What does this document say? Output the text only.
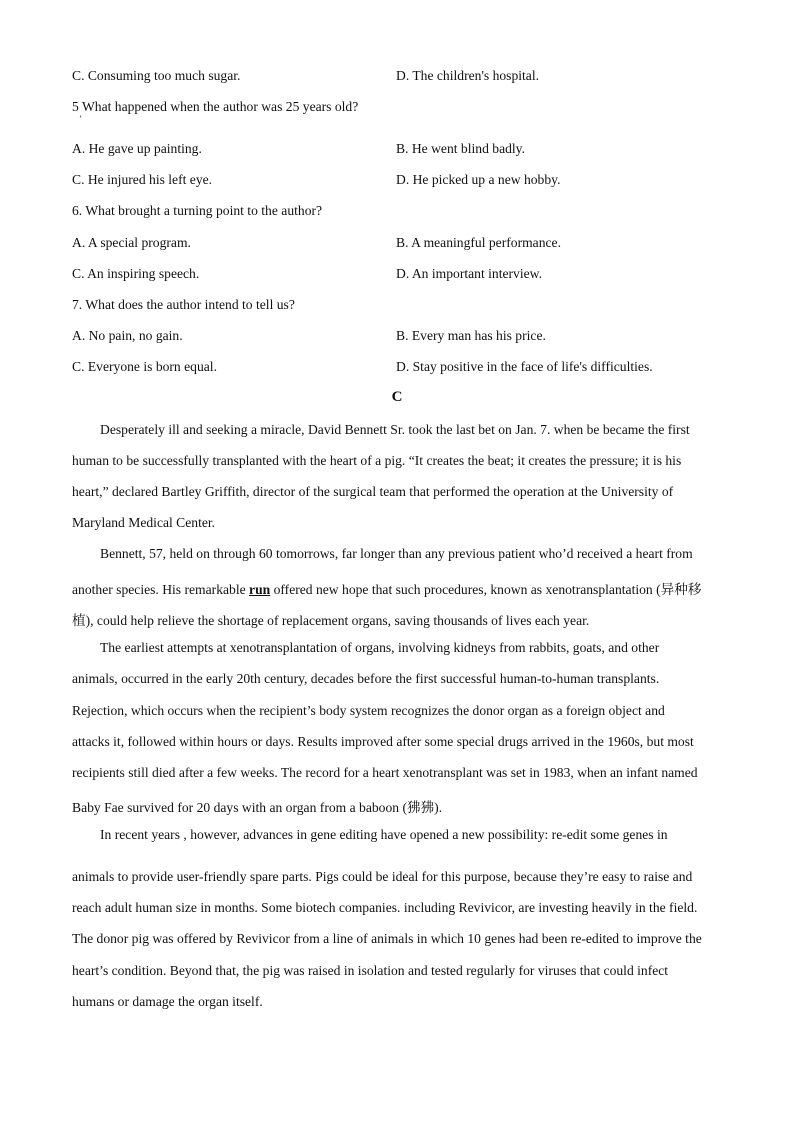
C. Consuming too much sugar.	D. The children's hospital.
5 What happened when the author was 25 years old?
ʼ
A. He gave up painting.	B. He went blind badly.
C. He injured his left eye.	D. He picked up a new hobby.
6. What brought a turning point to the author?
A. A special program.	B. A meaningful performance.
C. An inspiring speech.	D. An important interview.
7. What does the author intend to tell us?
A. No pain, no gain.	B. Every man has his price.
C. Everyone is born equal.	D. Stay positive in the face of life's difficulties.
C
Desperately ill and seeking a miracle, David Bennett Sr. took the last bet on Jan. 7. when be became the first
human to be successfully transplanted with the heart of a pig. “It creates the beat; it creates the pressure; it is his
heart,” declared Bartley Griffith, director of the surgical team that performed the operation at the University of
Maryland Medical Center.
Bennett, 57, held on through 60 tomorrows, far longer than any previous patient who’d received a heart from
another species. His remarkable run offered new hope that such procedures, known as xenotransplantation (异种移
植), could help relieve the shortage of replacement organs, saving thousands of lives each year.
The earliest attempts at xenotransplantation of organs, involving kidneys from rabbits, goats, and other
animals, occurred in the early 20th century, decades before the first successful human-to-human transplants.
Rejection, which occurs when the recipient’s body system recognizes the donor organ as a foreign object and
attacks it, followed within hours or days. Results improved after some special drugs arrived in the 1960s, but most
recipients still died after a few weeks. The record for a heart xenotransplant was set in 1983, when an infant named
Baby Fae survived for 20 days with an organ from a baboon (狒狒).
In recent years , however, advances in gene editing have opened a new possibility: re-edit some genes in
animals to provide user-friendly spare parts. Pigs could be ideal for this purpose, because they’re easy to raise and
reach adult human size in months. Some biotech companies. including Revivicor, are investing heavily in the field.
The donor pig was offered by Revivicor from a line of animals in which 10 genes had been re-edited to improve the
heart’s condition. Beyond that, the pig was raised in isolation and tested regularly for viruses that could infect
humans or damage the organ itself.
